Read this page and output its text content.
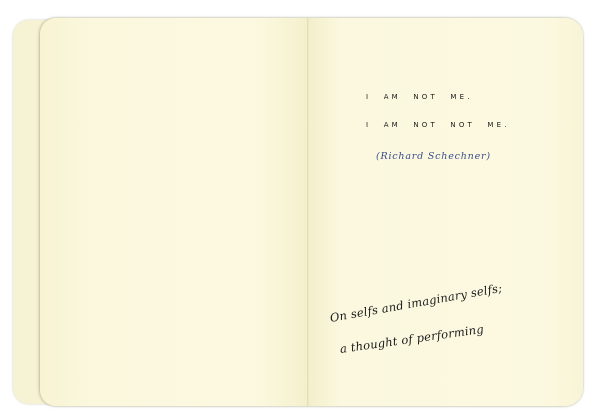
I AM NOT ME.
I AM NOT NOT ME.
(Richard Schechner)
On selfs and imaginary selfs;
a thought of performing
